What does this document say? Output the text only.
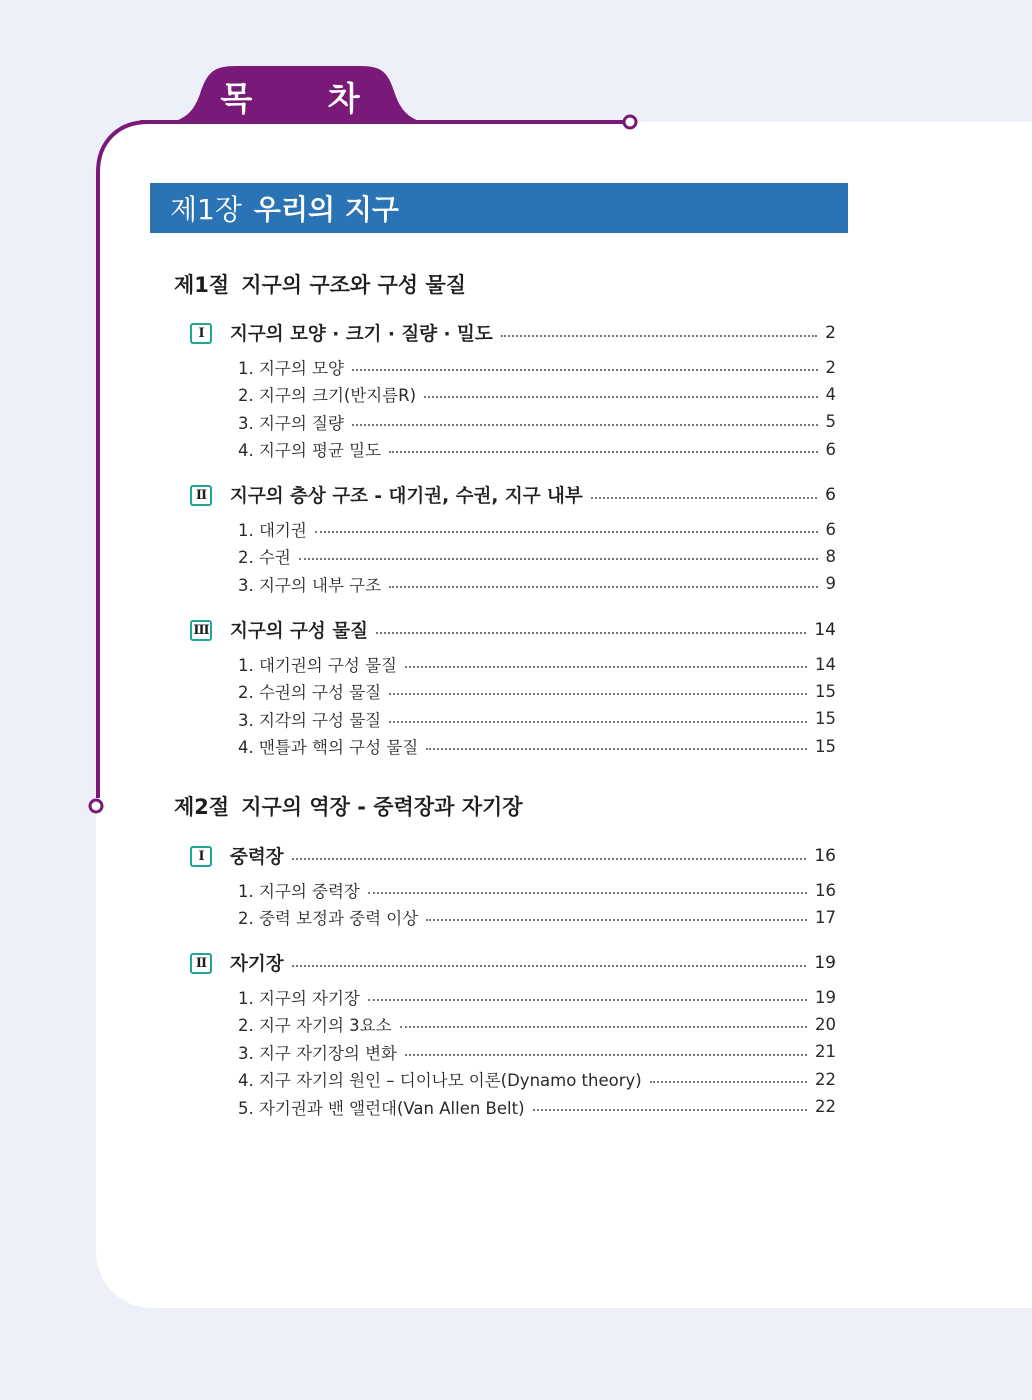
목 차
제1장 우리의 지구
제1절 지구의 구조와 구성 물질
I	지구의 모양 · 크기 · 질량 · 밀도	2
1. 지구의 모양	2
2. 지구의 크기(반지름R)	4
3. 지구의 질량	5
4. 지구의 평균 밀도	6
II	지구의 층상 구조 - 대기권, 수권, 지구 내부	6
1. 대기권	6
2. 수권	8
3. 지구의 내부 구조	9
III 지구의 구성 물질	14
1. 대기권의 구성 물질	14
2. 수권의 구성 물질	15
3. 지각의 구성 물질	15
4. 맨틀과 핵의 구성 물질	15
제2절 지구의 역장 - 중력장과 자기장
I	중력장	16
1. 지구의 중력장	16
2. 중력 보정과 중력 이상	17
II	자기장	19
1. 지구의 자기장	19
2. 지구 자기의 3요소	20
3. 지구 자기장의 변화	21
4. 지구 자기의 원인 – 디이나모 이론(Dynamo theory)	22
5. 자기권과 밴 앨런대(Van Allen Belt)	22
